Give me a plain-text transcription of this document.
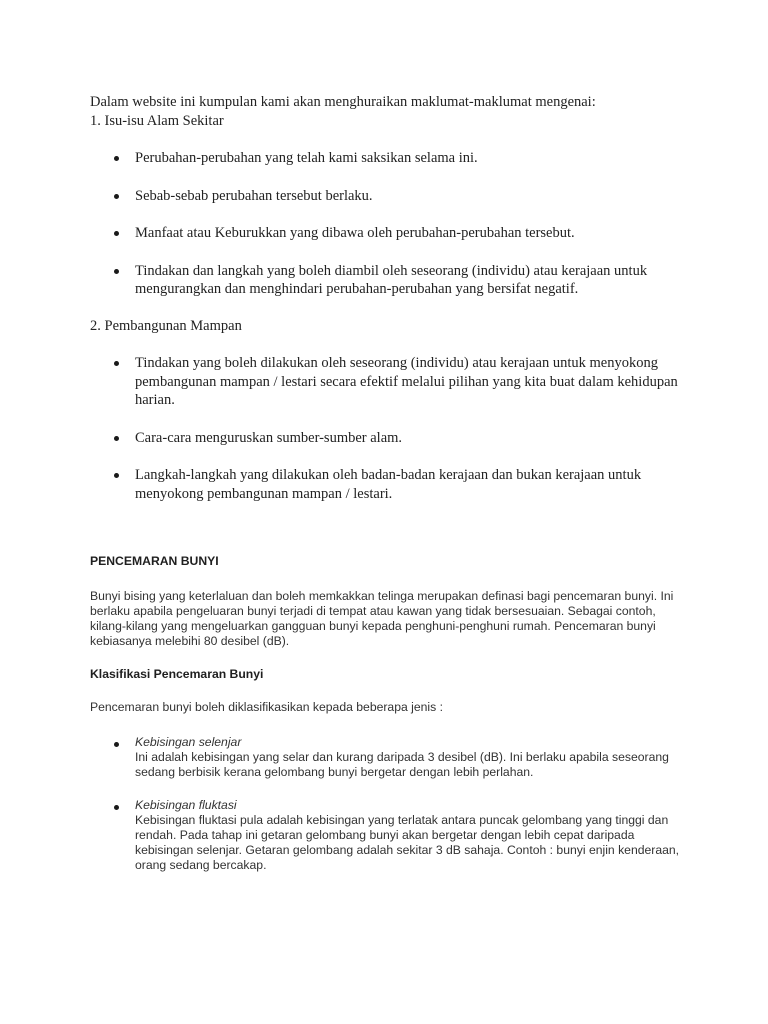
Dalam website ini kumpulan kami akan menghuraikan maklumat-maklumat mengenai:
1. Isu-isu Alam Sekitar
Perubahan-perubahan yang telah kami saksikan selama ini.
Sebab-sebab perubahan tersebut berlaku.
Manfaat atau Keburukkan yang dibawa oleh perubahan-perubahan tersebut.
Tindakan dan langkah yang boleh diambil oleh seseorang (individu) atau kerajaan untuk mengurangkan dan menghindari perubahan-perubahan yang bersifat negatif.
2. Pembangunan Mampan
Tindakan yang boleh dilakukan oleh seseorang (individu) atau kerajaan untuk menyokong pembangunan mampan / lestari secara efektif melalui pilihan yang kita buat dalam kehidupan harian.
Cara-cara menguruskan sumber-sumber alam.
Langkah-langkah yang dilakukan oleh badan-badan kerajaan dan bukan kerajaan untuk menyokong pembangunan mampan / lestari.
PENCEMARAN BUNYI
Bunyi bising yang keterlaluan dan boleh memkakkan telinga merupakan definasi bagi pencemaran bunyi. Ini berlaku apabila pengeluaran bunyi terjadi di tempat atau kawan yang tidak bersesuaian. Sebagai contoh, kilang-kilang yang mengeluarkan gangguan bunyi kepada penghuni-penghuni rumah. Pencemaran bunyi kebiasanya melebihi 80 desibel (dB).
Klasifikasi Pencemaran Bunyi
Pencemaran bunyi boleh diklasifikasikan kepada beberapa jenis :
Kebisingan selenjar
Ini adalah kebisingan yang selar dan kurang daripada 3 desibel (dB). Ini berlaku apabila seseorang sedang berbisik kerana gelombang bunyi bergetar dengan lebih perlahan.
Kebisingan fluktasi
Kebisingan fluktasi pula adalah kebisingan yang terlatak antara puncak gelombang yang tinggi dan rendah. Pada tahap ini getaran gelombang bunyi akan bergetar dengan lebih cepat daripada kebisingan selenjar. Getaran gelombang adalah sekitar 3 dB sahaja. Contoh : bunyi enjin kenderaan, orang sedang bercakap.
